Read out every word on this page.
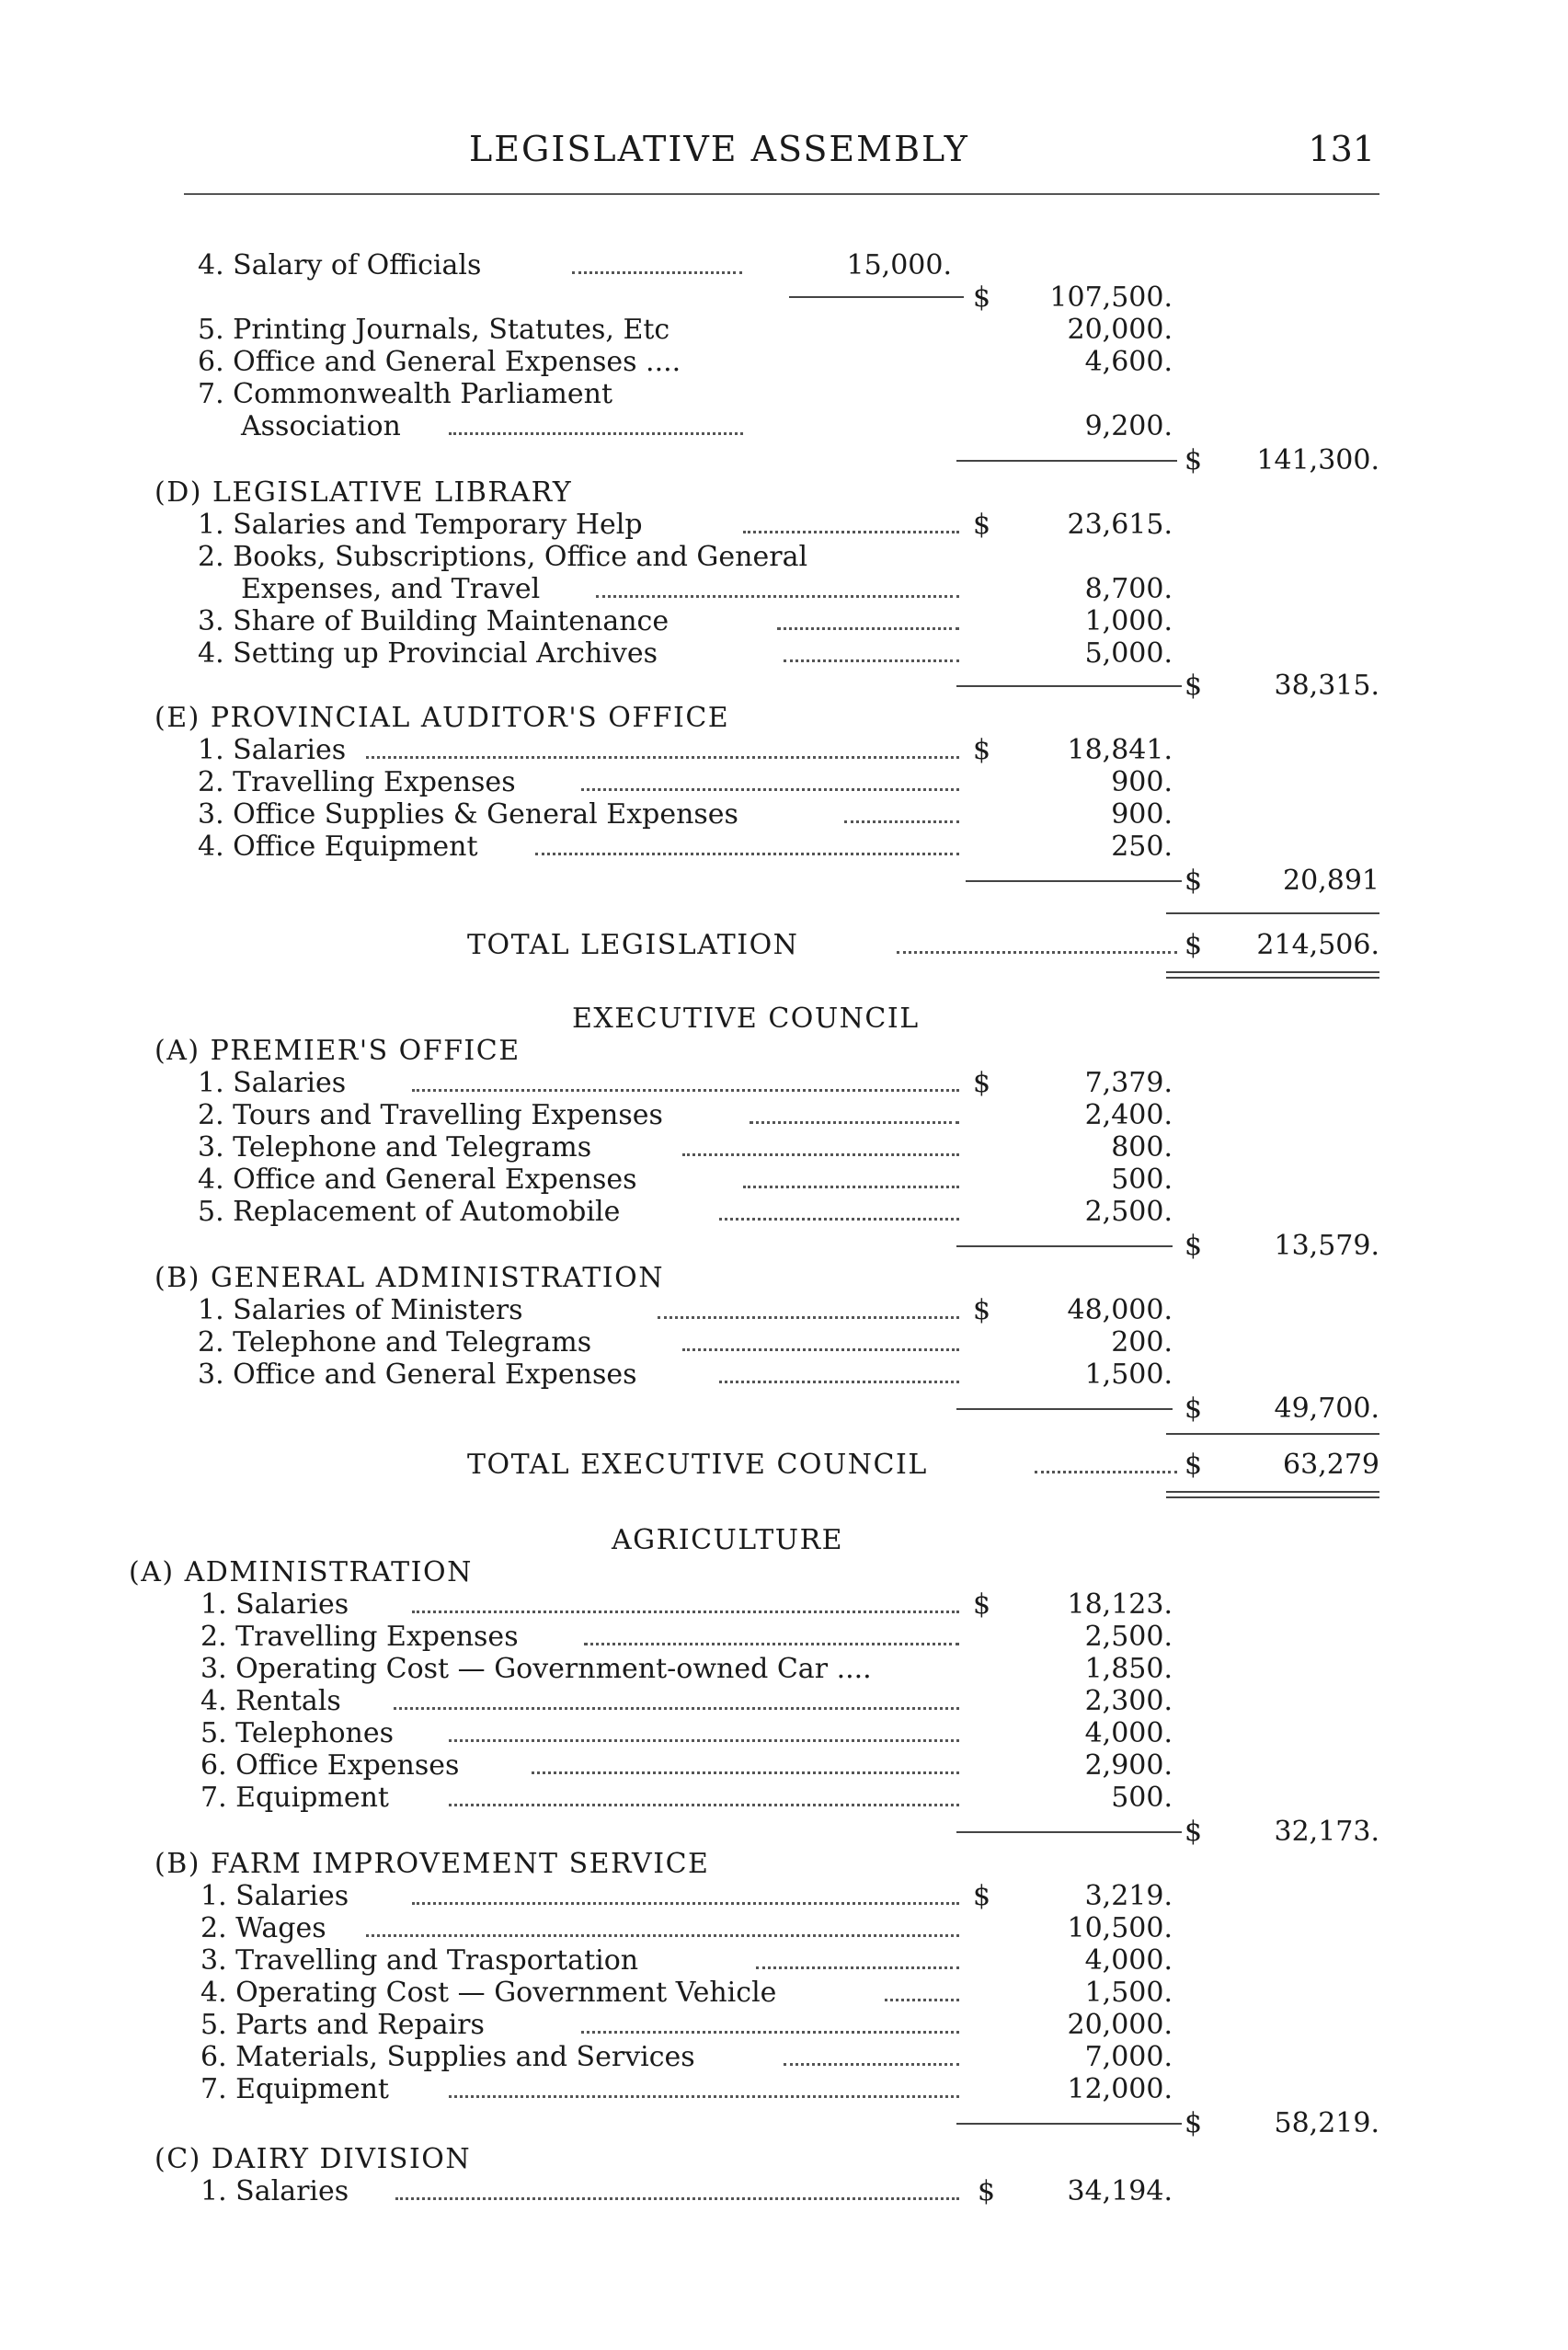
LEGISLATIVE ASSEMBLY	131
4. Salary of Officials	15,000.
$ 107,500.
5. Printing Journals, Statutes, Etc	20,000.
6. Office and General Expenses ....	4,600.
7. Commonwealth Parliament
Association	9,200.
$ 141,300.
(D) LEGISLATIVE LIBRARY
1. Salaries and Temporary Help	$	23,615.
2. Books, Subscriptions, Office and General
Expenses, and Travel	8,700.
3. Share of Building Maintenance	1,000.
4. Setting up Provincial Archives	5,000.
$	38,315.
(E) PROVINCIAL AUDITOR'S OFFICE
1. Salaries	$	18,841.
2. Travelling Expenses	900.
3. Office Supplies & General Expenses	900.
4. Office Equipment	250.
$	20,891
TOTAL LEGISLATION	$ 214,506.
EXECUTIVE COUNCIL
(A) PREMIER'S OFFICE
1. Salaries	$	7,379.
2. Tours and Travelling Expenses	2,400.
3. Telephone and Telegrams	800.
4. Office and General Expenses	500.
5. Replacement of Automobile	2,500.
$	13,579.
(B) GENERAL ADMINISTRATION
1. Salaries of Ministers	$	48,000.
2. Telephone and Telegrams	200.
3. Office and General Expenses	1,500.
$	49,700.
TOTAL EXECUTIVE COUNCIL	$	63,279
AGRICULTURE
(A) ADMINISTRATION
1. Salaries	$	18,123.
2. Travelling Expenses	2,500.
3. Operating Cost — Government-owned Car ....	1,850.
4. Rentals	2,300.
5. Telephones	4,000.
6. Office Expenses	2,900.
7. Equipment	500.
$	32,173.
(B) FARM IMPROVEMENT SERVICE
1. Salaries	$	3,219.
2. Wages	10,500.
3. Travelling and Trasportation	4,000.
4. Operating Cost — Government Vehicle	1,500.
5. Parts and Repairs	20,000.
6. Materials, Supplies and Services	7,000.
7. Equipment	12,000.
$	58,219.
(C) DAIRY DIVISION
1. Salaries	$	34,194.
